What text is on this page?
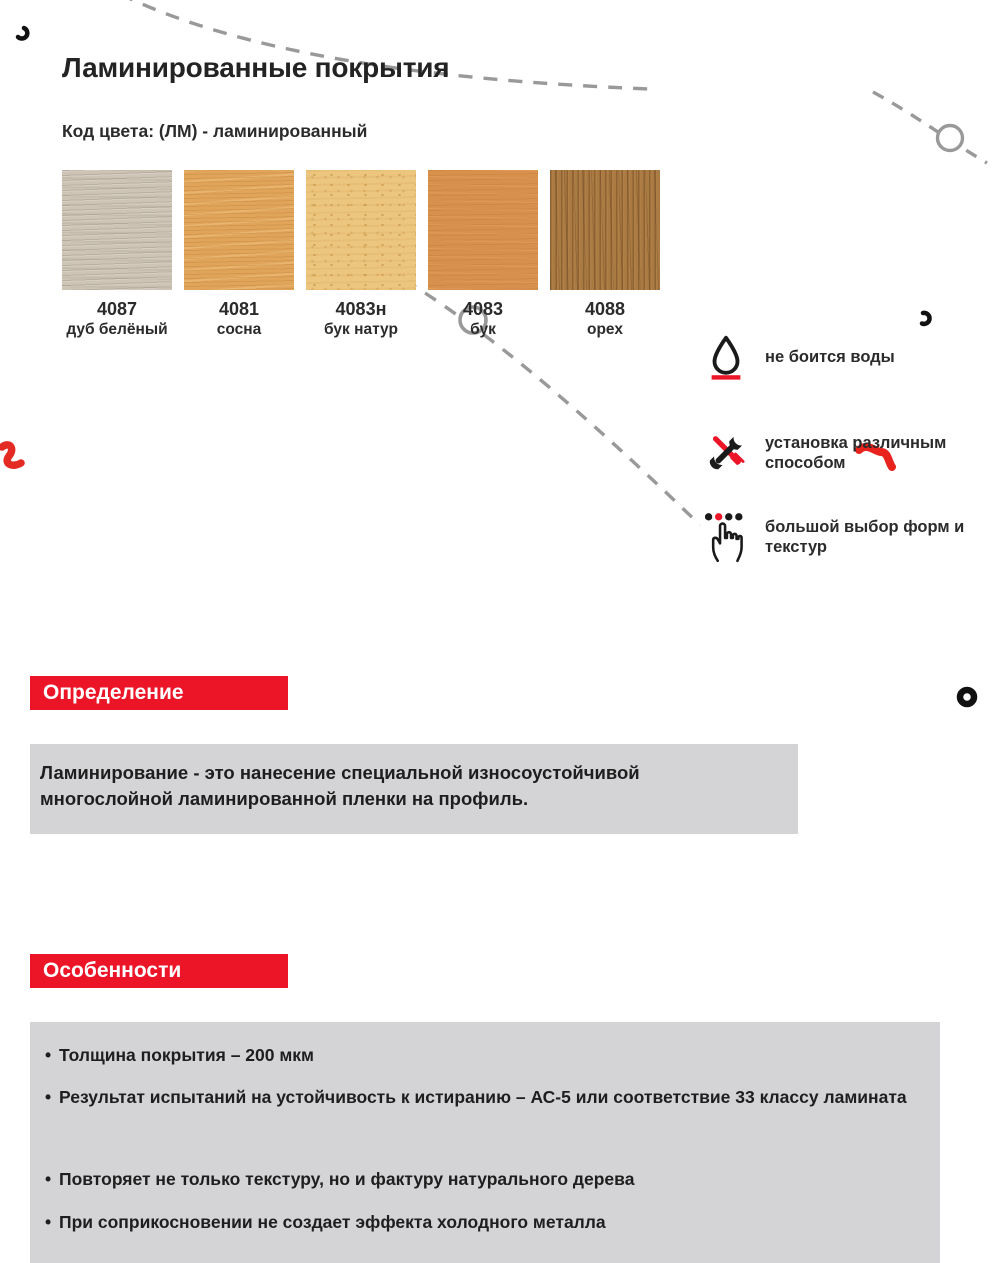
Ламинированные покрытия
Код цвета: (ЛМ) - ламинированный
4087
дуб белёный
4081
сосна
4083н
бук натур
4083
бук
4088
орех
не боится воды
установка различным способом
большой выбор форм и текстур
Определение
Ламинирование - это нанесение специальной износоустойчивой многослойной ламинированной пленки на профиль.
Особенности
• Толщина покрытия – 200 мкм
• Результат испытаний на устойчивость к истиранию – АС-5 или соответствие 33 классу ламината
• Повторяет не только текстуру, но и фактуру натурального дерева
• При соприкосновении не создает эффекта холодного металла
